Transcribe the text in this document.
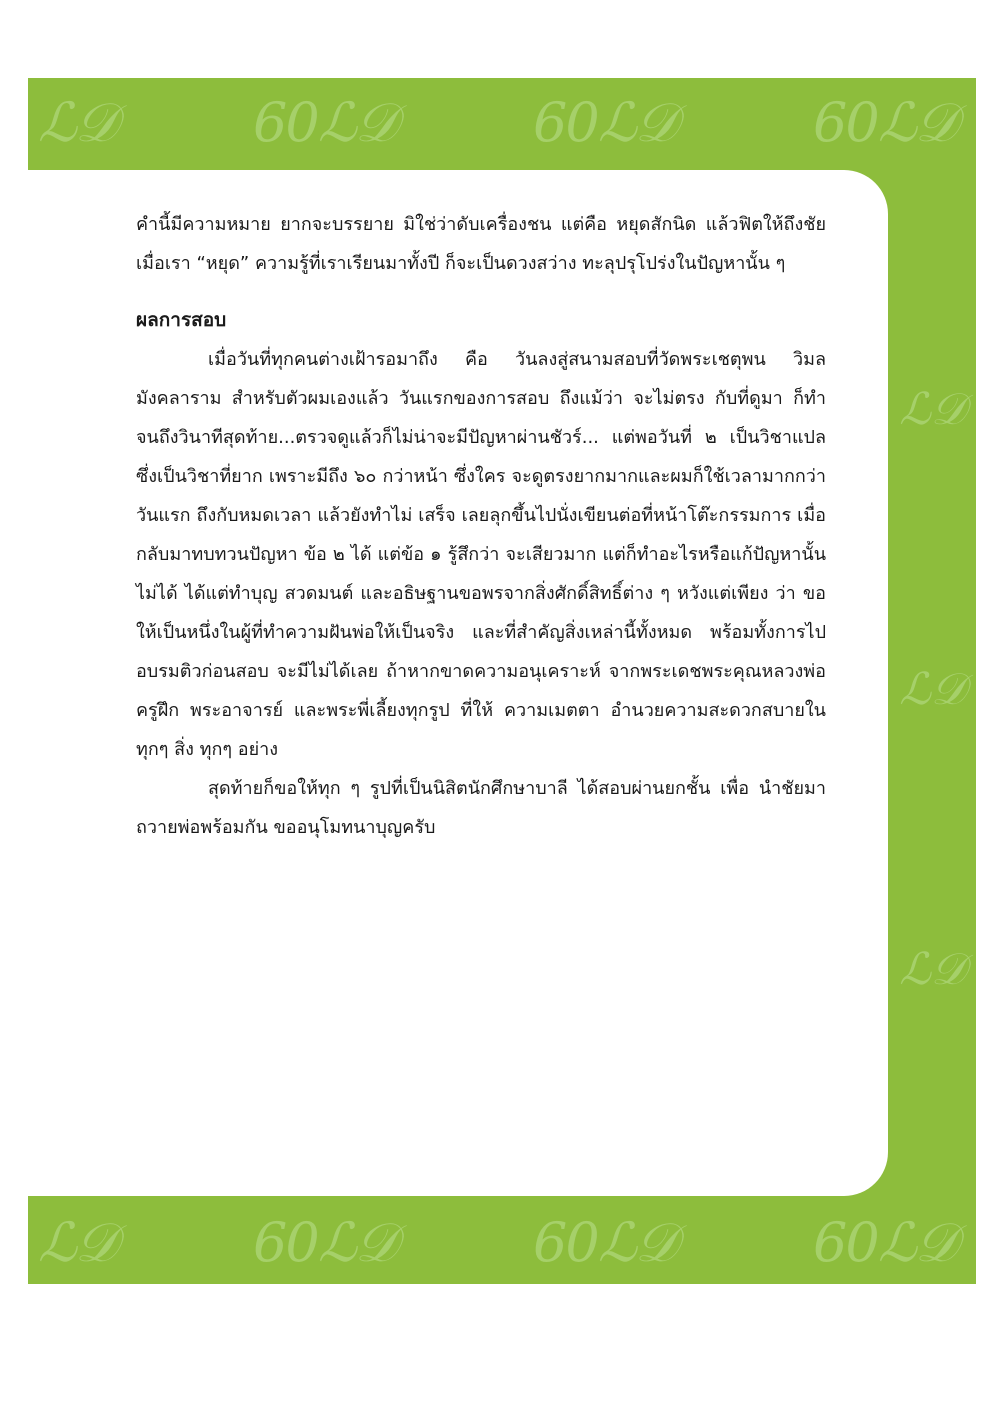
ℒ𝒟	60 ℒ𝒟	60 ℒ𝒟	60 ℒ𝒟
ℒ𝒟
ℒ𝒟
ℒ𝒟
ℒ𝒟	60 ℒ𝒟	60 ℒ𝒟	60 ℒ𝒟

คำนี้มีความหมาย ยากจะบรรยาย มิใช่ว่าดับเครื่องชน แต่คือ หยุดสักนิด แล้วฟิตให้ถึงชัย เมื่อเรา “หยุด” ความรู้ที่เราเรียนมาทั้งปี ก็จะเป็นดวงสว่าง ทะลุปรุโปร่งในปัญหานั้น ๆ

ผลการสอบ

เมื่อวันที่ทุกคนต่างเฝ้ารอมาถึง คือ วันลงสู่สนามสอบที่วัดพระเชตุพน วิมลมังคลาราม สำหรับตัวผมเองแล้ว วันแรกของการสอบ ถึงแม้ว่า จะไม่ตรง กับที่ดูมา ก็ทำจนถึงวินาทีสุดท้าย...ตรวจดูแล้วก็ไม่น่าจะมีปัญหาผ่านชัวร์... แต่พอวันที่ ๒ เป็นวิชาแปล ซึ่งเป็นวิชาที่ยาก เพราะมีถึง ๖๐ กว่าหน้า ซึ่งใคร จะดูตรงยากมากและผมก็ใช้เวลามากกว่าวันแรก ถึงกับหมดเวลา แล้วยังทำไม่ เสร็จ เลยลุกขึ้นไปนั่งเขียนต่อที่หน้าโต๊ะกรรมการ เมื่อกลับมาทบทวนปัญหา ข้อ ๒ ได้ แต่ข้อ ๑ รู้สึกว่า จะเสียวมาก แต่ก็ทำอะไรหรือแก้ปัญหานั้นไม่ได้ ได้แต่ทำบุญ สวดมนต์ และอธิษฐานขอพรจากสิ่งศักดิ์สิทธิ์ต่าง ๆ หวังแต่เพียง ว่า ขอให้เป็นหนึ่งในผู้ที่ทำความฝันพ่อให้เป็นจริง และที่สำคัญสิ่งเหล่านี้ทั้งหมด พร้อมทั้งการไปอบรมติวก่อนสอบ จะมีไม่ได้เลย ถ้าหากขาดความอนุเคราะห์ จากพระเดชพระคุณหลวงพ่อ ครูฝึก พระอาจารย์ และพระพี่เลี้ยงทุกรูป ที่ให้ ความเมตตา อำนวยความสะดวกสบายในทุกๆ สิ่ง ทุกๆ อย่าง

สุดท้ายก็ขอให้ทุก ๆ รูปที่เป็นนิสิตนักศึกษาบาลี ได้สอบผ่านยกชั้น เพื่อ นำชัยมาถวายพ่อพร้อมกัน ขออนุโมทนาบุญครับ
